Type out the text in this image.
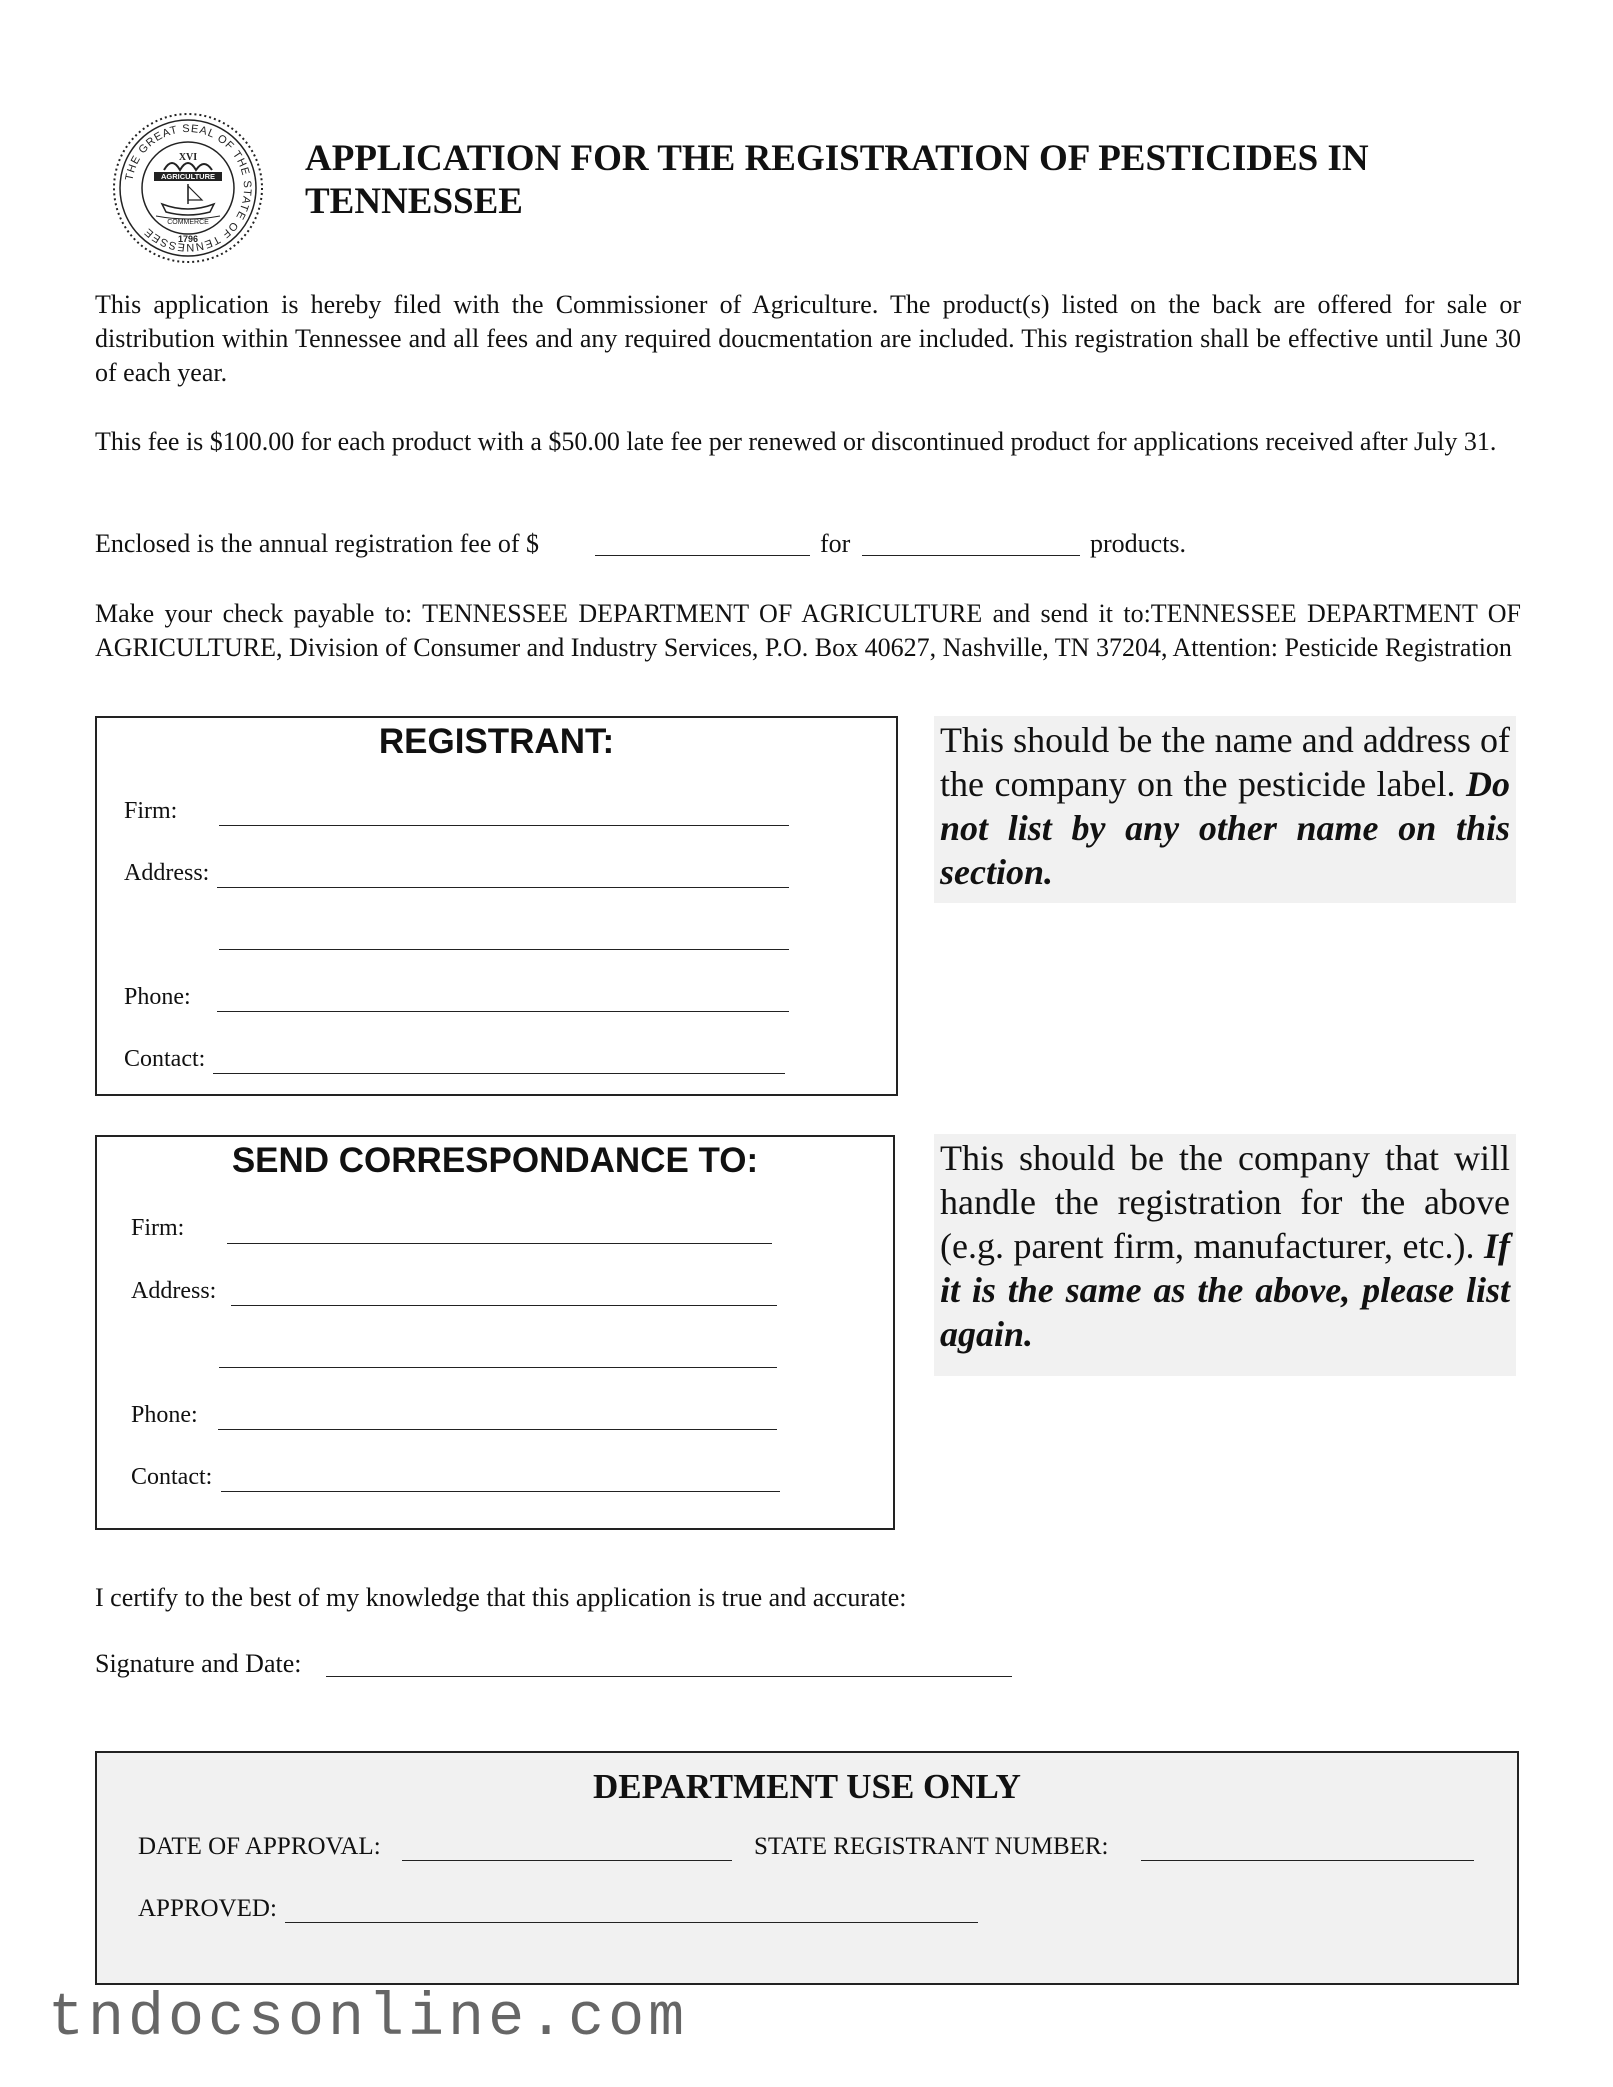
THE GREAT SEAL OF THE STATE OF TENNESSEE
XVI
AGRICULTURE
COMMERCE
1796
APPLICATION FOR THE REGISTRATION OF PESTICIDES IN
TENNESSEE
This application is hereby filed with the Commissioner of Agriculture. The product(s) listed on the back are offered for sale or distribution within Tennessee and all fees and any required doucmentation are included. This registration shall be effective until June 30 of each year.
This fee is $100.00 for each product with a $50.00 late fee per renewed or discontinued product for applications received after July 31.
Enclosed is the annual registration fee of $	for	products.
Make your check payable to: TENNESSEE DEPARTMENT OF AGRICULTURE and send it to:TENNESSEE DEPARTMENT OF AGRICULTURE, Division of Consumer and Industry Services, P.O. Box 40627, Nashville, TN 37204, Attention: Pesticide Registration
REGISTRANT:
Firm:
Address:
Phone:
Contact:
This should be the name and address of the company on the pesticide label. Do not list by any other name on this section.
SEND CORRESPONDANCE TO:
Firm:
Address:
Phone:
Contact:
This should be the company that will handle the registration for the above (e.g. parent firm, manufacturer, etc.). If it is the same as the above, please list again.
I certify to the best of my knowledge that this application is true and accurate:
Signature and Date:
DEPARTMENT USE ONLY
DATE OF APPROVAL:	STATE REGISTRANT NUMBER:
APPROVED:
tndocsonline.com
